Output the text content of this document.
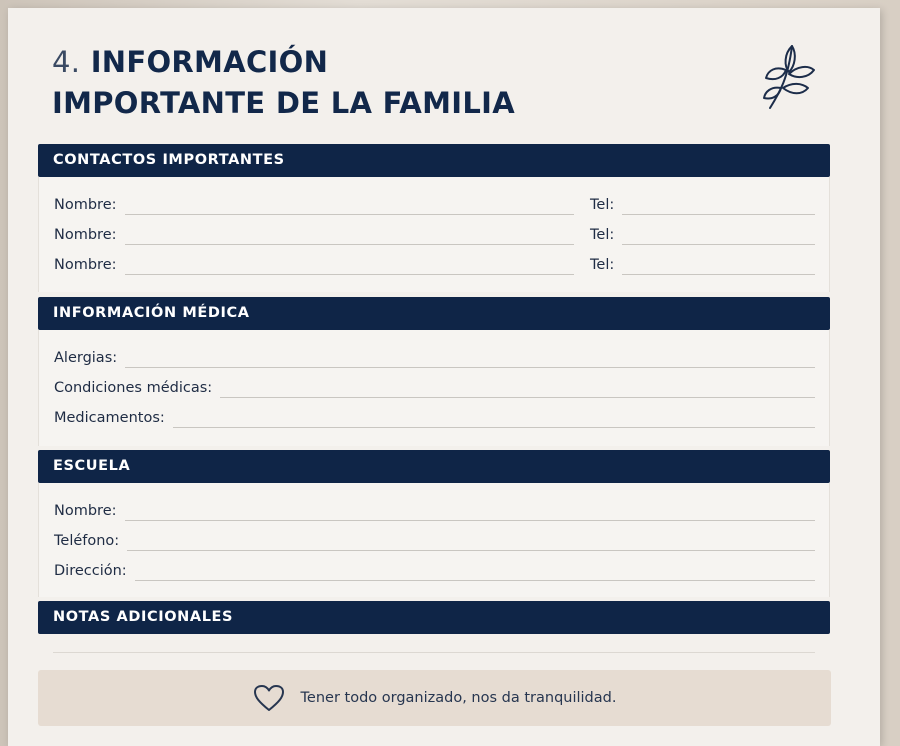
4. INFORMACIÓN
IMPORTANTE DE LA FAMILIA
CONTACTOS IMPORTANTES
Nombre:	Tel:
Nombre:	Tel:
Nombre:	Tel:
INFORMACIÓN MÉDICA
Alergias:
Condiciones médicas:
Medicamentos:
ESCUELA
Nombre:
Teléfono:
Dirección:
NOTAS ADICIONALES
Tener todo organizado, nos da tranquilidad.
